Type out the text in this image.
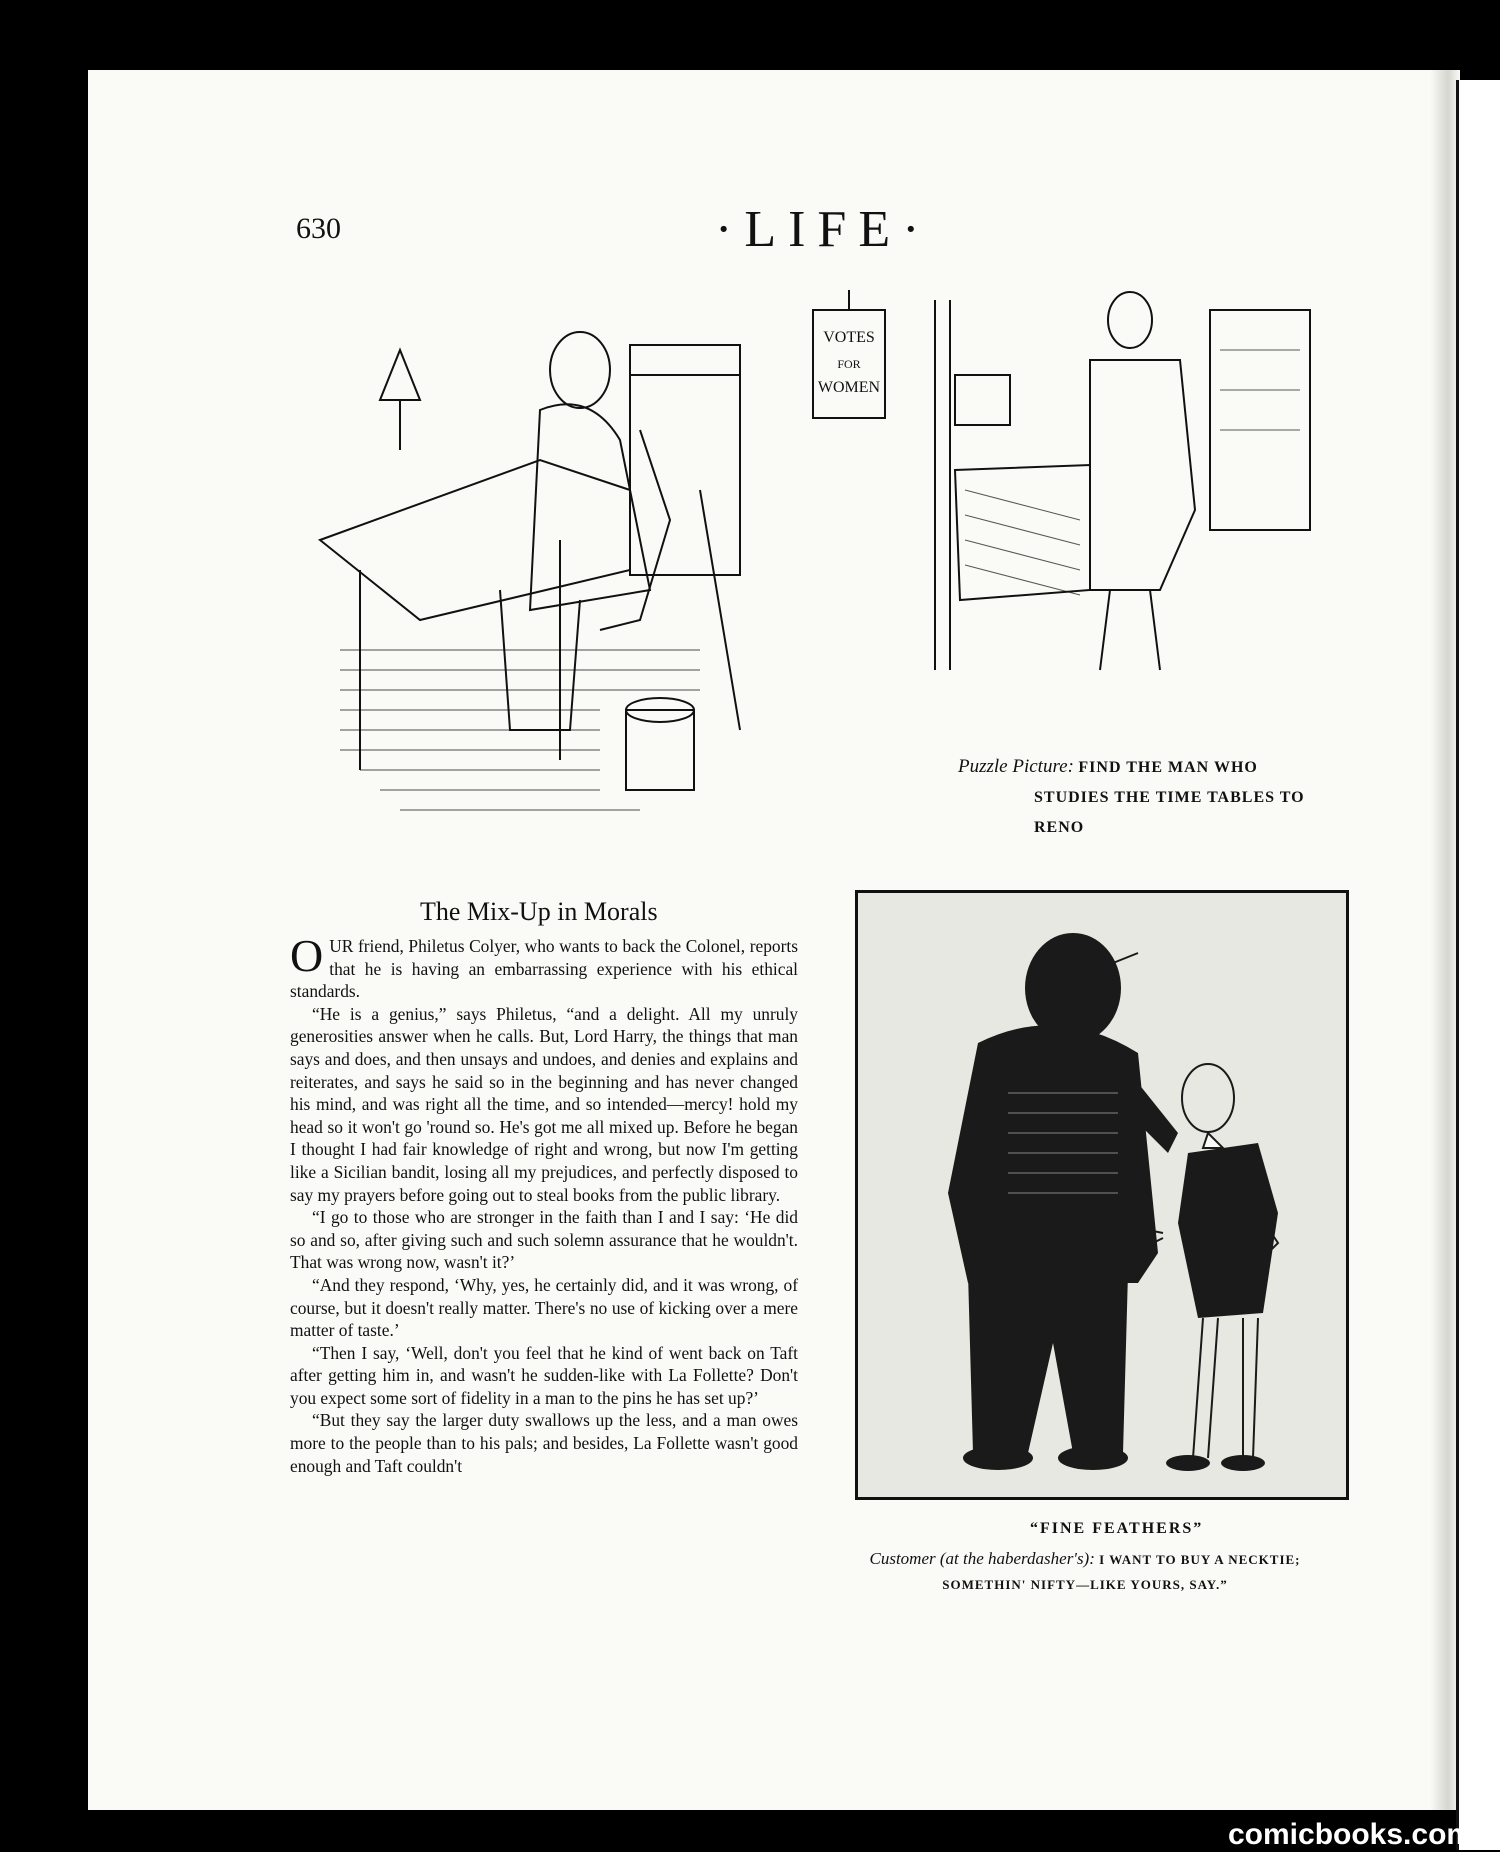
630	·LIFE·
VOTES
FOR
WOMEN
Puzzle Picture: FIND THE MAN WHO
STUDIES THE TIME TABLES TO RENO
The Mix-Up in Morals

OUR friend, Philetus Colyer, who wants to back the Colonel, reports that he is having an embarrassing experience with his ethical standards.

“He is a genius,” says Philetus, “and a delight. All my unruly generosities answer when he calls. But, Lord Harry, the things that man says and does, and then unsays and undoes, and denies and explains and reiterates, and says he said so in the beginning and has never changed his mind, and was right all the time, and so intended—mercy! hold my head so it won't go 'round so. He's got me all mixed up. Before he began I thought I had fair knowledge of right and wrong, but now I'm getting like a Sicilian bandit, losing all my prejudices, and perfectly disposed to say my prayers before going out to steal books from the public library.

“I go to those who are stronger in the faith than I and I say: ‘He did so and so, after giving such and such solemn assurance that he wouldn't. That was wrong now, wasn't it?’

“And they respond, ‘Why, yes, he certainly did, and it was wrong, of course, but it doesn't really matter. There's no use of kicking over a mere matter of taste.’

“Then I say, ‘Well, don't you feel that he kind of went back on Taft after getting him in, and wasn't he sudden-like with La Follette? Don't you expect some sort of fidelity in a man to the pins he has set up?’

“But they say the larger duty swallows up the less, and a man owes more to the people than to his pals; and besides, La Follette wasn't good enough and Taft couldn't

“FINE FEATHERS”
Customer (at the haberdasher's): I WANT TO BUY A NECKTIE; SOMETHIN' NIFTY—LIKE YOURS, SAY.”
comicbooks.com
